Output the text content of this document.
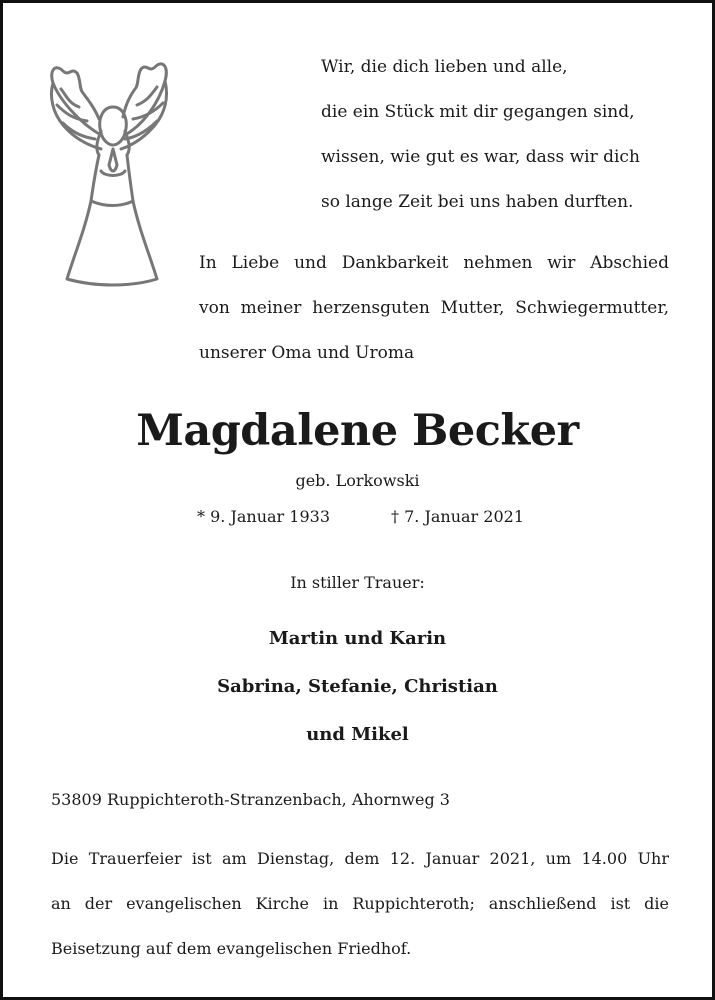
Wir, die dich lieben und alle,
die ein Stück mit dir gegangen sind,
wissen, wie gut es war, dass wir dich
so lange Zeit bei uns haben durften.
In Liebe und Dankbarkeit nehmen wir Abschied
von meiner herzensguten Mutter, Schwiegermutter,
unserer Oma und Uroma
Magdalene Becker
geb. Lorkowski
* 9. Januar 1933	† 7. Januar 2021
In stiller Trauer:
Martin und Karin
Sabrina, Stefanie, Christian
und Mikel
53809 Ruppichteroth-Stranzenbach, Ahornweg 3
Die Trauerfeier ist am Dienstag, dem 12. Januar 2021, um 14.00 Uhr
an der evangelischen Kirche in Ruppichteroth; anschließend ist die
Beisetzung auf dem evangelischen Friedhof.
